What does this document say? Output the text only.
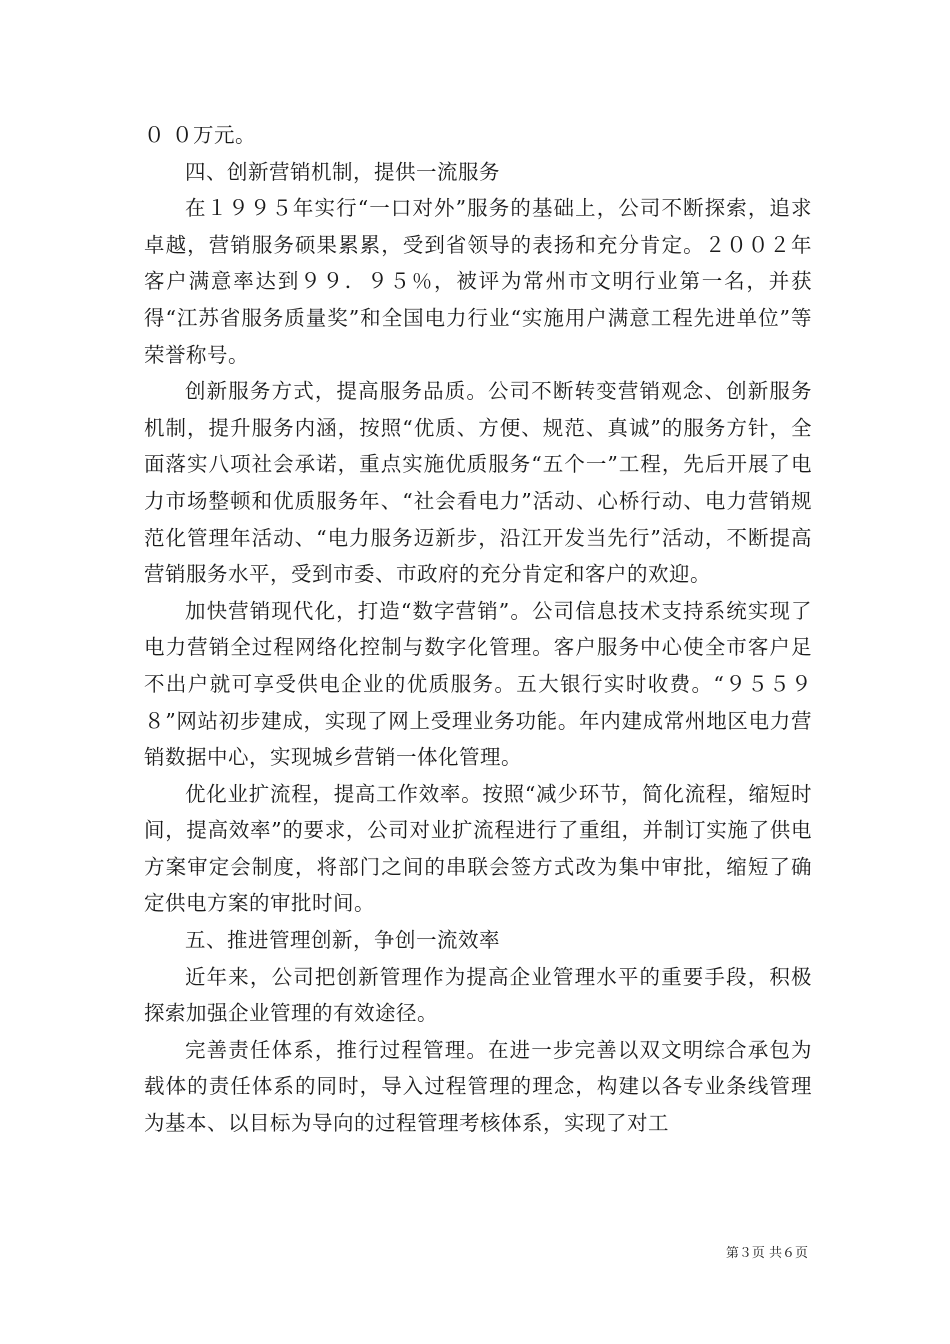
０ ０万元。

四、创新营销机制，提供一流服务

在１９９５年实行“一口对外”服务的基础上，公司不断探索，追求卓越，营销服务硕果累累，受到省领导的表扬和充分肯定。２００２年客户满意率达到９９．９５％，被评为常州市文明行业第一名，并获得“江苏省服务质量奖”和全国电力行业“实施用户满意工程先进单位”等荣誉称号。

创新服务方式，提高服务品质。公司不断转变营销观念、创新服务机制，提升服务内涵，按照“优质、方便、规范、真诚”的服务方针，全面落实八项社会承诺，重点实施优质服务“五个一”工程，先后开展了电力市场整顿和优质服务年、“社会看电力”活动、心桥行动、电力营销规范化管理年活动、“电力服务迈新步，沿江开发当先行”活动，不断提高营销服务水平，受到市委、市政府的充分肯定和客户的欢迎。

加快营销现代化，打造“数字营销”。公司信息技术支持系统实现了电力营销全过程网络化控制与数字化管理。客户服务中心使全市客户足不出户就可享受供电企业的优质服务。五大银行实时收费。“９５５９８”网站初步建成，实现了网上受理业务功能。年内建成常州地区电力营销数据中心，实现城乡营销一体化管理。

优化业扩流程，提高工作效率。按照“减少环节，简化流程，缩短时间，提高效率”的要求，公司对业扩流程进行了重组，并制订实施了供电方案审定会制度，将部门之间的串联会签方式改为集中审批，缩短了确定供电方案的审批时间。

五、推进管理创新，争创一流效率

近年来，公司把创新管理作为提高企业管理水平的重要手段，积极探索加强企业管理的有效途径。

完善责任体系，推行过程管理。在进一步完善以双文明综合承包为载体的责任体系的同时，导入过程管理的理念，构建以各专业条线管理为基本、以目标为导向的过程管理考核体系，实现了对工

第３页 共６页
